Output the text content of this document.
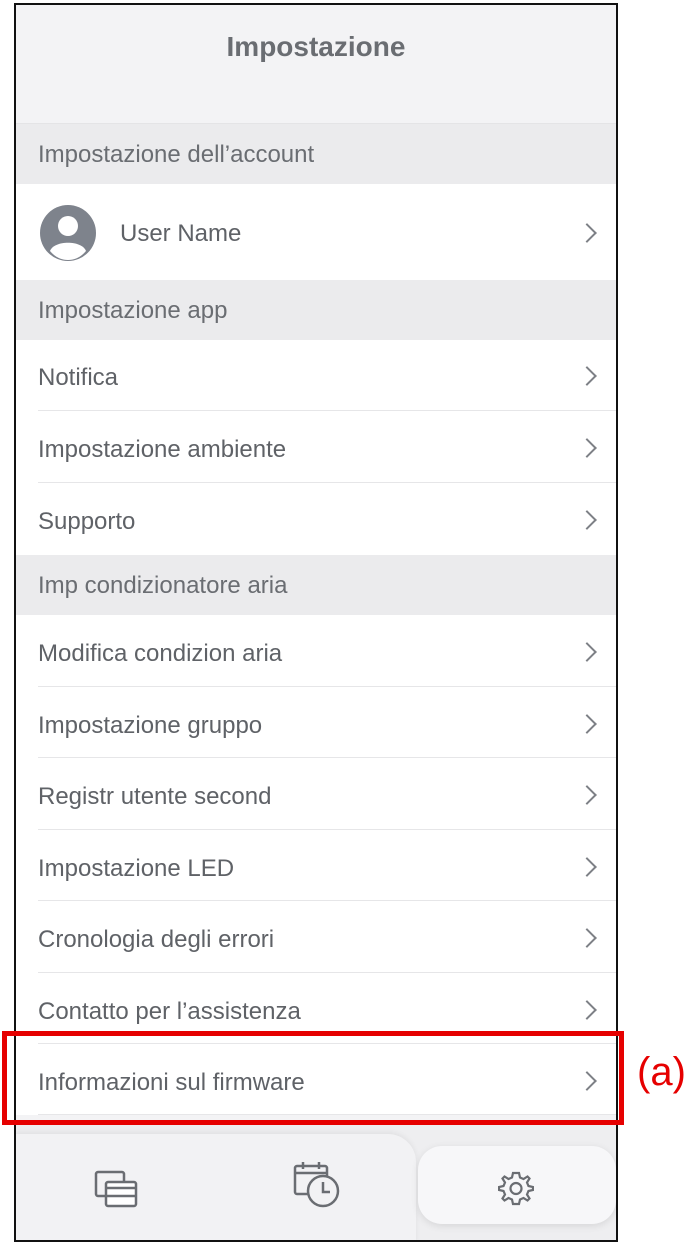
Impostazione
Impostazione dell’account
User Name
Impostazione app
Notifica
Impostazione ambiente
Supporto
Imp condizionatore aria
Modifica condizion aria
Impostazione gruppo
Registr utente second
Impostazione LED
Cronologia degli errori
Contatto per l’assistenza
Informazioni sul firmware	(a)
